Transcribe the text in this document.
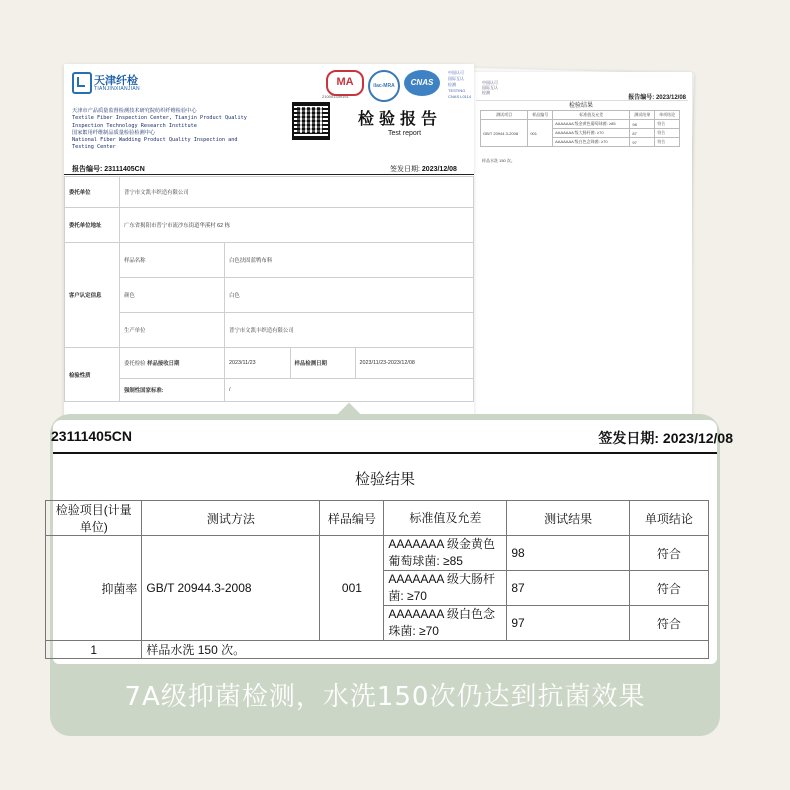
中国认可
国际互认
检测
报告编号: 2023/12/08
检验结果
测试项目	样品编号	标准值及允差	测试结果	单项结论
GB/T 20944.3-2008	001	AAAAAAA 级金黄色葡萄球菌: ≥85	98	符合
		AAAAAAA 级大肠杆菌: ≥70	87	符合
		AAAAAAA 级白色念珠菌: ≥70	97	符合
样品水洗 150 次。
天津纤检
TIANJINXIANJIAN
MA
210001349191
ilac-MRA	CNAS
中国认可
国际互认
检测
TESTING
CNAS L0114
天津市产品质量监督检测技术研究院纺织纤维检验中心
Textile Fiber Inspection Center, Tianjin Product Quality
Inspection Technology Research Institute
国家絮用纤维制品质量检验检测中心
National Fiber Wadding Product Quality Inspection and
Testing Center
检验报告
Test report
报告编号: 23111405CN	签发日期: 2023/12/08
委托单位	普宁市文凯丰织造有限公司			
委托单位地址	广东省揭阳市普宁市流沙东街道华溪村 62 栋			
客户认定信息	样品名称	白色扶固蓝鸭布料		
	颜色	白色		
	生产单位	普宁市文凯丰织造有限公司		
检验性质	委托检验 样品接收日期	2023/11/23	样品检测日期	2023/11/23-2023/12/08
	强制性国家标准:	/		
23111405CN	签发日期: 2023/12/08
检验结果
检验项目(计量单位)	测试方法	样品编号	标准值及允差	测试结果	单项结论
抑菌率	GB/T 20944.3-2008	001	AAAAAAA 级金黄色葡萄球菌: ≥85	98	符合
			AAAAAAA 级大肠杆菌: ≥70	87	符合
			AAAAAAA 级白色念珠菌: ≥70	97	符合
1	样品水洗 150 次。				
7A级抑菌检测，水洗150次仍达到抗菌效果
